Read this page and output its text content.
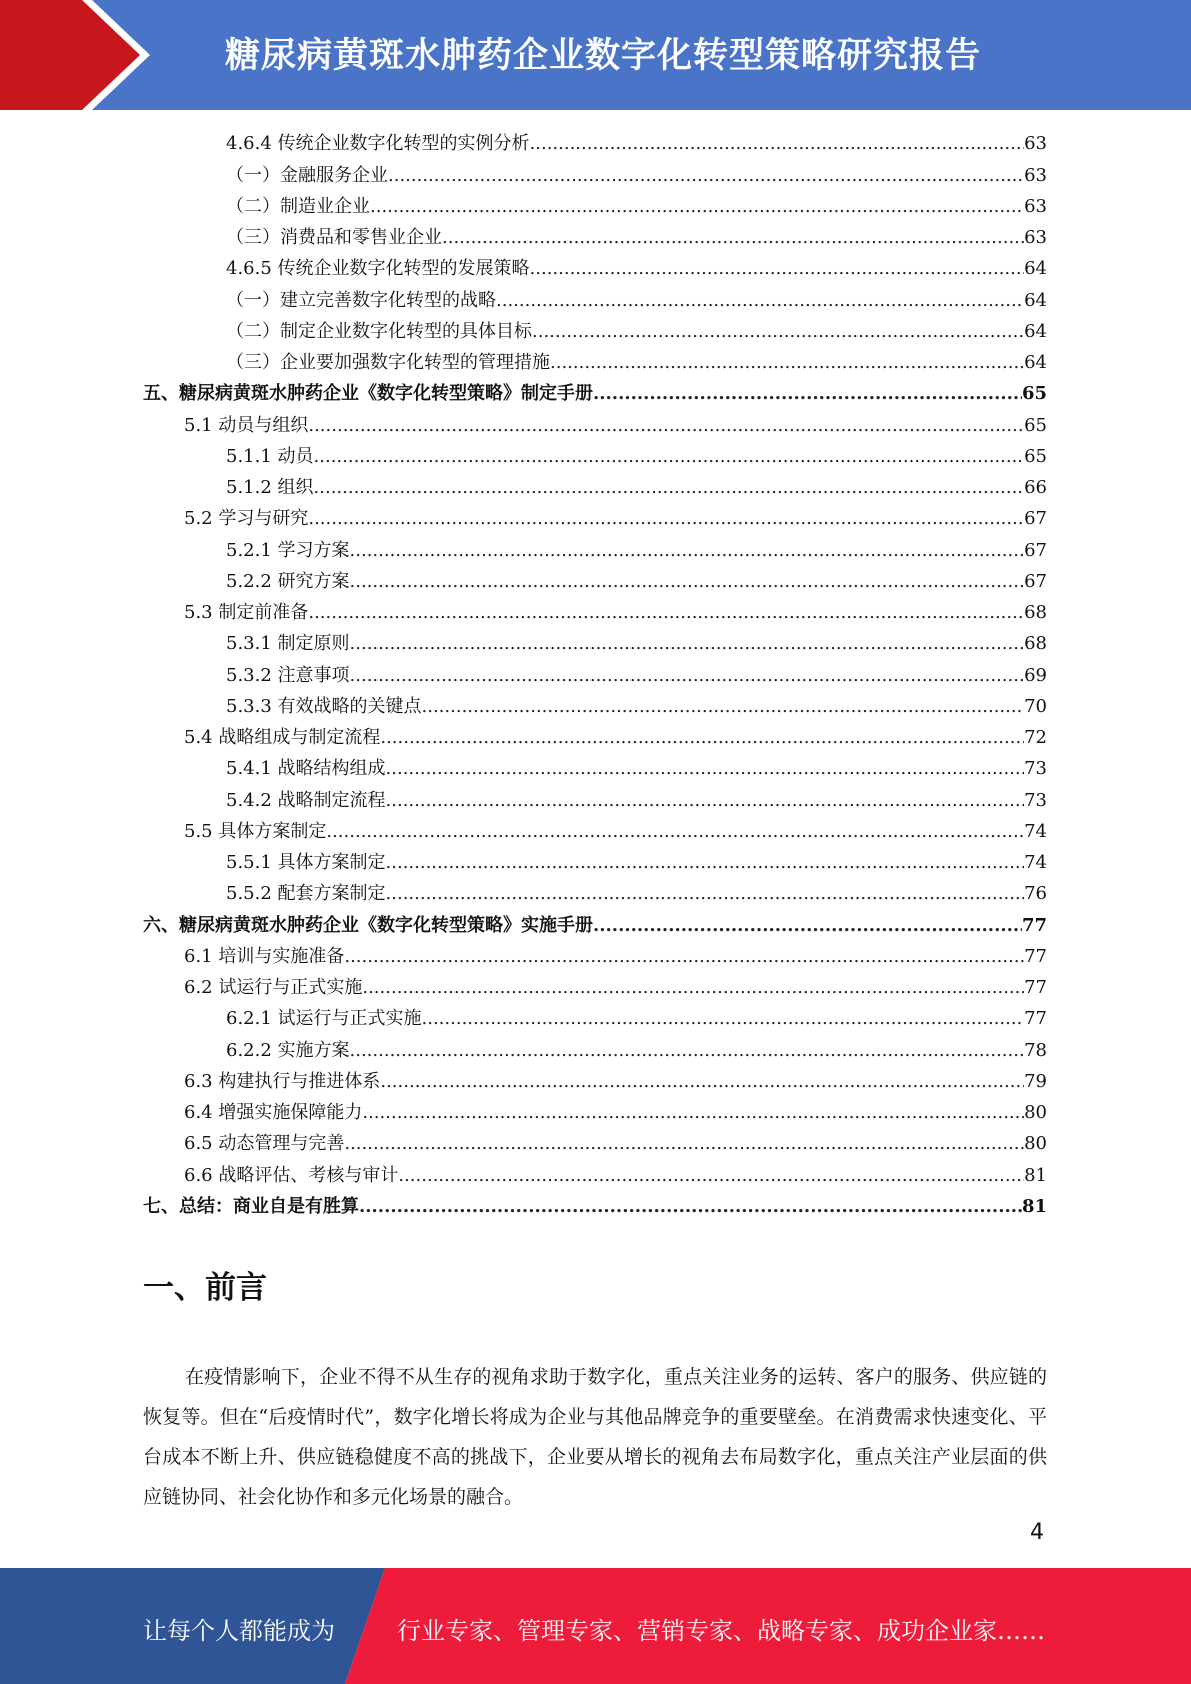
糖尿病黄斑水肿药企业数字化转型策略研究报告
4.6.4 传统企业数字化转型的实例分析 .....	63
（一）金融服务企业 .....	63
（二）制造业企业 .....	63
（三）消费品和零售业企业 .....	63
4.6.5 传统企业数字化转型的发展策略 .....	64
（一）建立完善数字化转型的战略 .....	64
（二）制定企业数字化转型的具体目标 .....	64
（三）企业要加强数字化转型的管理措施 .....	64
五、糖尿病黄斑水肿药企业《数字化转型策略》制定手册 .....	65
5.1 动员与组织 .....	65
5.1.1 动员 .....	65
5.1.2 组织 .....	66
5.2 学习与研究 .....	67
5.2.1 学习方案 .....	67
5.2.2 研究方案 .....	67
5.3 制定前准备 .....	68
5.3.1 制定原则 .....	68
5.3.2 注意事项 .....	69
5.3.3 有效战略的关键点 .....	70
5.4 战略组成与制定流程 .....	72
5.4.1 战略结构组成 .....	73
5.4.2 战略制定流程 .....	73
5.5 具体方案制定 .....	74
5.5.1 具体方案制定 .....	74
5.5.2 配套方案制定 .....	76
六、糖尿病黄斑水肿药企业《数字化转型策略》实施手册 .....	77
6.1 培训与实施准备 .....	77
6.2 试运行与正式实施 .....	77
6.2.1 试运行与正式实施 .....	77
6.2.2 实施方案 .....	78
6.3 构建执行与推进体系 .....	79
6.4 增强实施保障能力 .....	80
6.5 动态管理与完善 .....	80
6.6 战略评估、考核与审计 .....	81
七、总结：商业自是有胜算 .....	81
一、前言
在疫情影响下，企业不得不从生存的视角求助于数字化，重点关注业务的运转、客户的服务、供应链的恢复等。但在“后疫情时代”，数字化增长将成为企业与其他品牌竞争的重要壁垒。在消费需求快速变化、平台成本不断上升、供应链稳健度不高的挑战下，企业要从增长的视角去布局数字化，重点关注产业层面的供应链协同、社会化协作和多元化场景的融合。
4
让每个人都能成为	行业专家、管理专家、营销专家、战略专家、成功企业家……
